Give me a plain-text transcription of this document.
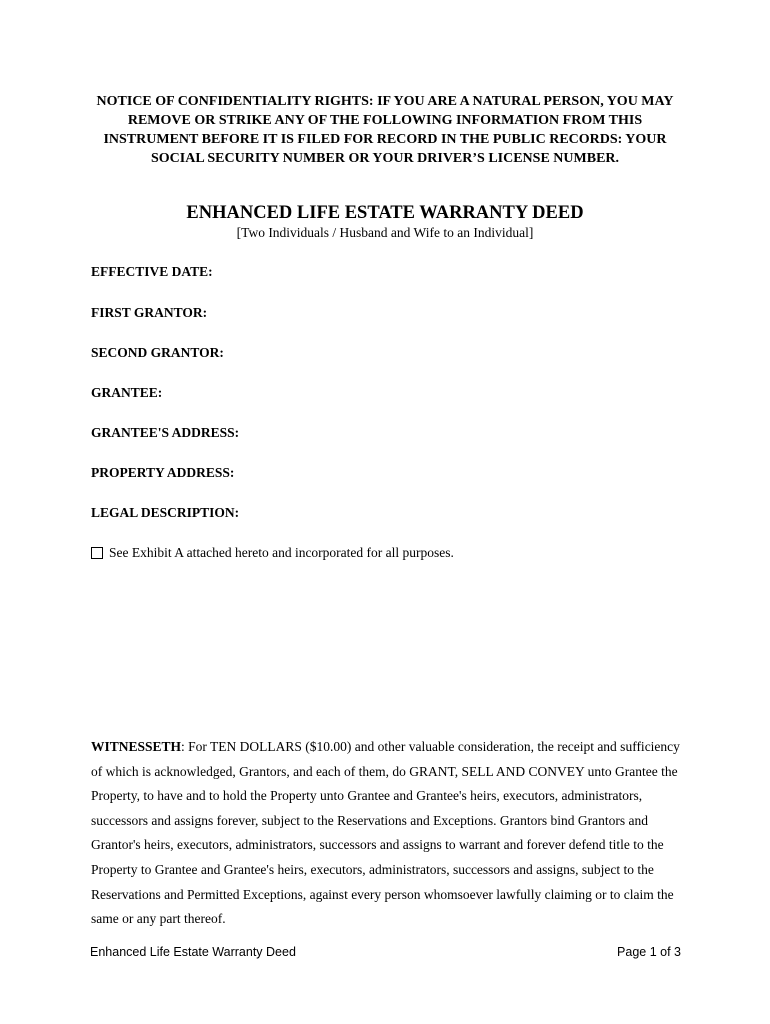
NOTICE OF CONFIDENTIALITY RIGHTS: IF YOU ARE A NATURAL PERSON, YOU MAY REMOVE OR STRIKE ANY OF THE FOLLOWING INFORMATION FROM THIS INSTRUMENT BEFORE IT IS FILED FOR RECORD IN THE PUBLIC RECORDS: YOUR SOCIAL SECURITY NUMBER OR YOUR DRIVER’S LICENSE NUMBER.
ENHANCED LIFE ESTATE WARRANTY DEED
[Two Individuals / Husband and Wife to an Individual]
EFFECTIVE DATE:
FIRST GRANTOR:
SECOND GRANTOR:
GRANTEE:
GRANTEE'S ADDRESS:
PROPERTY ADDRESS:
LEGAL DESCRIPTION:
See Exhibit A attached hereto and incorporated for all purposes.
WITNESSETH: For TEN DOLLARS ($10.00) and other valuable consideration, the receipt and sufficiency of which is acknowledged, Grantors, and each of them, do GRANT, SELL AND CONVEY unto Grantee the Property, to have and to hold the Property unto Grantee and Grantee's heirs, executors, administrators, successors and assigns forever, subject to the Reservations and Exceptions. Grantors bind Grantors and Grantor's heirs, executors, administrators, successors and assigns to warrant and forever defend title to the Property to Grantee and Grantee's heirs, executors, administrators, successors and assigns, subject to the Reservations and Permitted Exceptions, against every person whomsoever lawfully claiming or to claim the same or any part thereof.
Enhanced Life Estate Warranty Deed	Page 1 of 3
